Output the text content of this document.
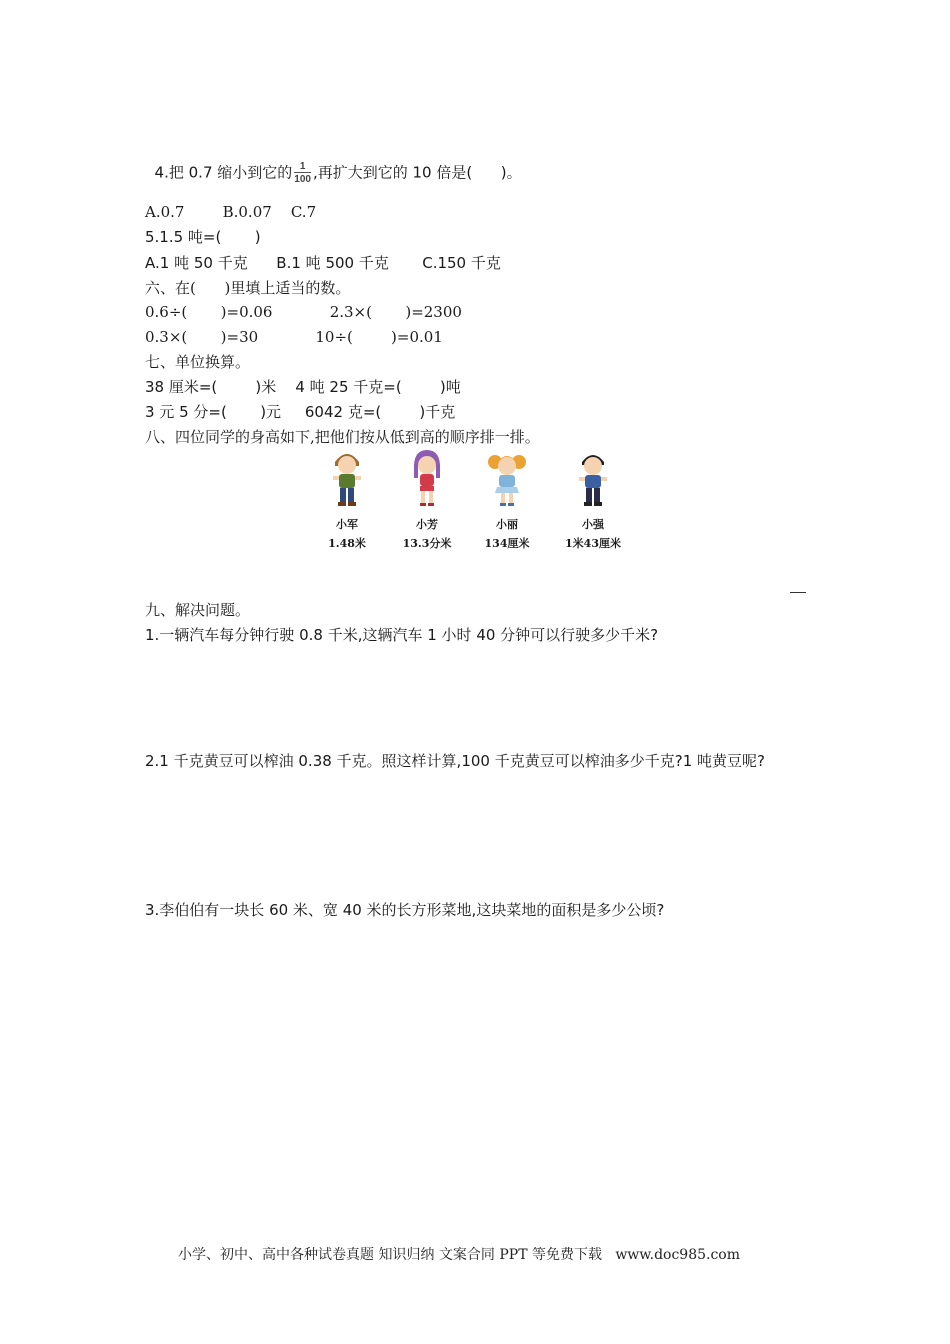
4.把 0.7 缩小到它的 $\frac{1}{100}$ ,再扩大到它的 10 倍是(      )。

A.0.7        B.0.07    C.7
5.1.5 吨=(       )
A.1 吨 50 千克      B.1 吨 500 千克       C.150 千克
六、在(      )里填上适当的数。
0.6÷(       )=0.06            2.3×(       )=2300
0.3×(       )=30            10÷(        )=0.01
七、单位换算。
38 厘米=(        )米    4 吨 25 千克=(        )吨
3 元 5 分=(       )元     6042 克=(        )千克
八、四位同学的身高如下,把他们按从低到高的顺序排一排。
小军
1.48米
小芳
13.3分米
小丽
134厘米
小强
1米43厘米
九、解决问题。
1.一辆汽车每分钟行驶 0.8 千米,这辆汽车 1 小时 40 分钟可以行驶多少千米?
2.1 千克黄豆可以榨油 0.38 千克。照这样计算,100 千克黄豆可以榨油多少千克?1 吨黄豆呢?
3.李伯伯有一块长 60 米、宽 40 米的长方形菜地,这块菜地的面积是多少公顷?
小学、初中、高中各种试卷真题 知识归纳 文案合同 PPT 等免费下载   www.doc985.com
